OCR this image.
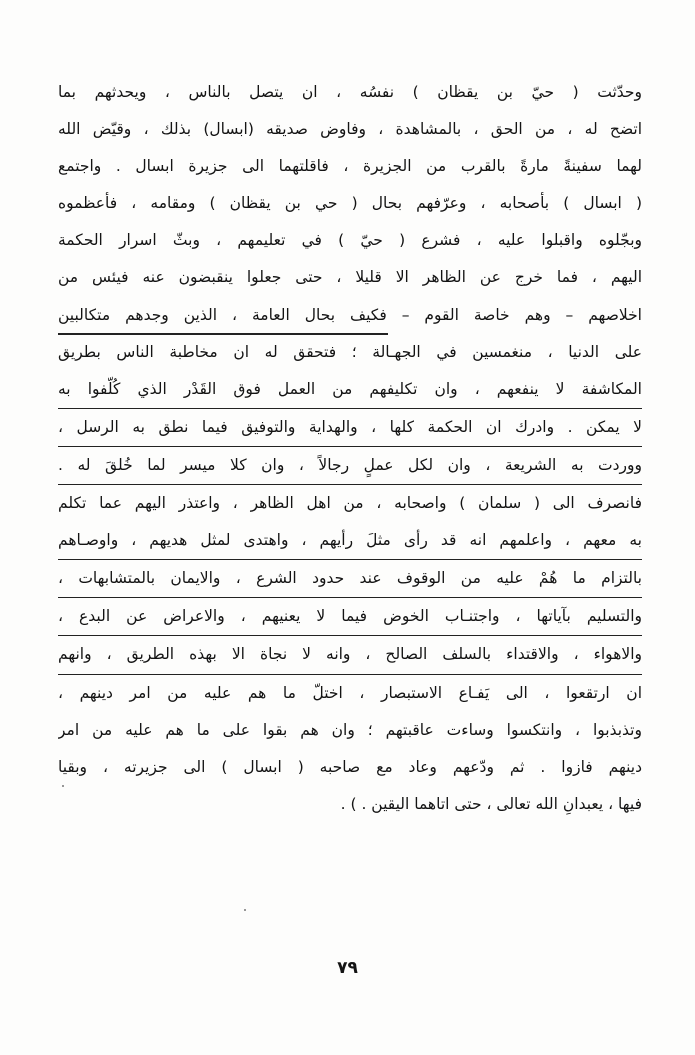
وحدّثت ( حيّ بن يقظان ) نفسُه ، ان يتصل بالناس ، ويحدثهم بما
اتضح له ، من الحق ، بالمشاهدة ، وفاوض صديقه (ابسال) بذلك ، وقيّض الله
لهما سفينةً مارةً بالقرب من الجزيرة ، فاقلتهما الى جزيرة ابسال . واجتمع
( ابسال ) بأصحابه ، وعرّفهم بحال ( حي بن يقظان ) ومقامه ، فأعظموه
وبجّلوه واقبلوا عليه ، فشرع ( حيّ ) في تعليمهم ، وبثّ اسرار الحكمة
اليهم ، فما خرج عن الظاهر الا قليلا ، حتى جعلوا ينقبضون عنه فيئس من
اخلاصهم – وهم خاصة القوم – فكيف بحال العامة ، الذين وجدهم متكالبين
على الدنيا ، منغمسين في الجهـالة ؛ فتحقق له ان مخاطبة الناس بطريق
المكاشفة لا ينفعهم ، وان تكليفهم من العمل فوق القَدْر الذي كُلّفوا به
لا يمكن . وادرك ان الحكمة كلها ، والهداية والتوفيق فيما نطق به الرسل ،
ووردت به الشريعة ، وان لكل عملٍ رجالاً ، وان كلا ميسر لما خُلقَ له .
فانصرف الى ( سلمان ) واصحابه ، من اهل الظاهر ، واعتذر اليهم عما تكلم
به معهم ، واعلمهم انه قد رأى مثلَ رأيهم ، واهتدى لمثل هديهم ، واوصـاهم
بالتزام ما هُمْ عليه من الوقوف عند حدود الشرع ، والايمان بالمتشابهات ،
والتسليم بآياتها ، واجتنـاب الخوض فيما لا يعنيهم ، والاعراض عن البدع ،
والاهواء ، والاقتداء بالسلف الصالح ، وانه لا نجاة الا بهذه الطريق ، وانهم
ان ارتقعوا ، الى يَفـاع الاستبصار ، اختلّ ما هم عليه من امر دينهم ،
وتذبذبوا ، وانتكسوا وساءت عاقبتهم ؛ وان هم بقوا على ما هم عليه من امر
دينهم فازوا . ثم ودّعهم وعاد مع صاحبه ( ابسال ) الى جزيرته ، وبقيا
فيها ، يعبدانِ الله تعالى ، حتى اتاهما اليقين . ) .
٧٩
